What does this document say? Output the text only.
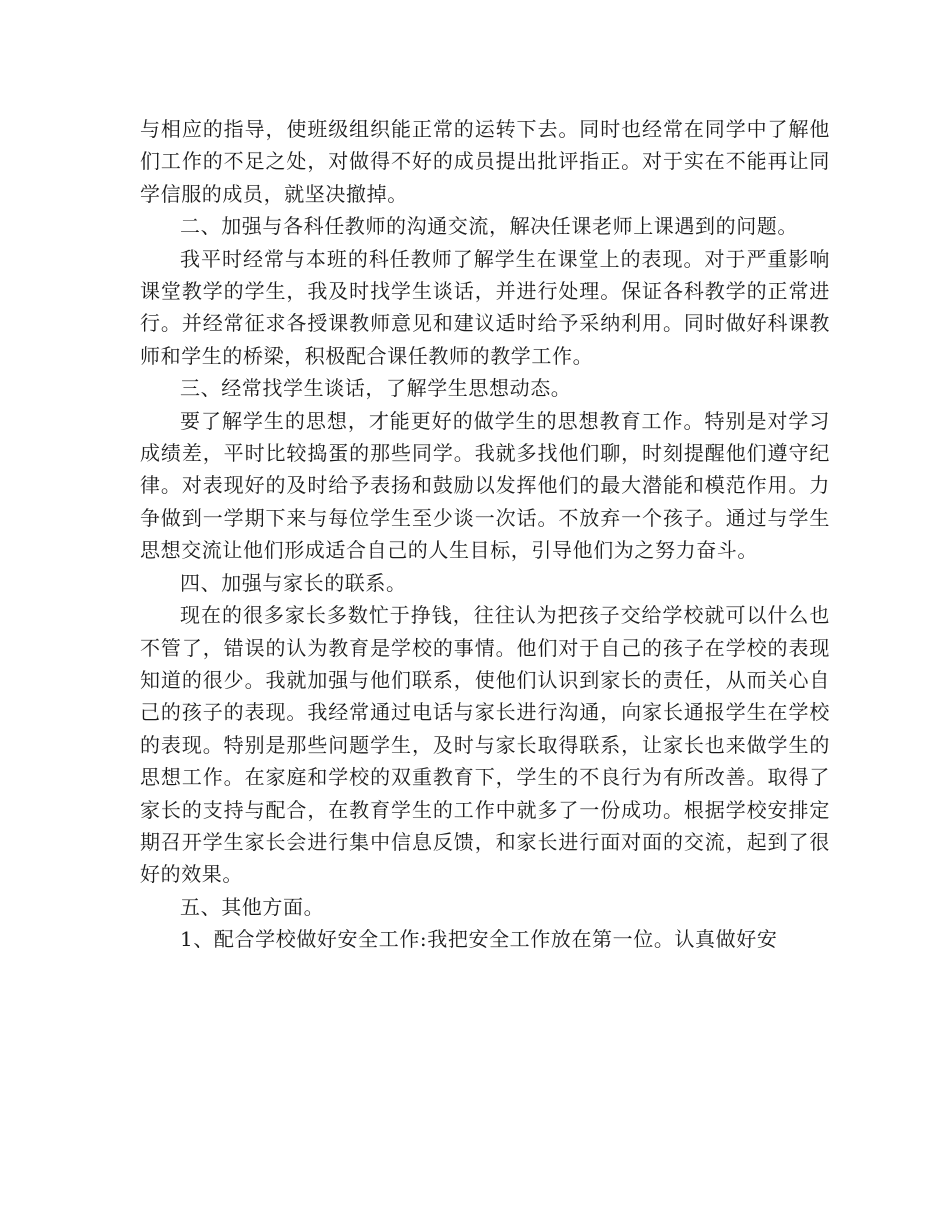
与相应的指导，使班级组织能正常的运转下去。同时也经常在同学中了解他们工作的不足之处，对做得不好的成员提出批评指正。对于实在不能再让同学信服的成员，就坚决撤掉。

二、加强与各科任教师的沟通交流，解决任课老师上课遇到的问题。

我平时经常与本班的科任教师了解学生在课堂上的表现。对于严重影响课堂教学的学生，我及时找学生谈话，并进行处理。保证各科教学的正常进行。并经常征求各授课教师意见和建议适时给予采纳利用。同时做好科课教师和学生的桥梁，积极配合课任教师的教学工作。

三、经常找学生谈话，了解学生思想动态。

要了解学生的思想，才能更好的做学生的思想教育工作。特别是对学习成绩差，平时比较捣蛋的那些同学。我就多找他们聊，时刻提醒他们遵守纪律。对表现好的及时给予表扬和鼓励以发挥他们的最大潜能和模范作用。力争做到一学期下来与每位学生至少谈一次话。不放弃一个孩子。通过与学生思想交流让他们形成适合自己的人生目标，引导他们为之努力奋斗。

四、加强与家长的联系。

现在的很多家长多数忙于挣钱，往往认为把孩子交给学校就可以什么也不管了，错误的认为教育是学校的事情。他们对于自己的孩子在学校的表现知道的很少。我就加强与他们联系，使他们认识到家长的责任，从而关心自己的孩子的表现。我经常通过电话与家长进行沟通，向家长通报学生在学校的表现。特别是那些问题学生，及时与家长取得联系，让家长也来做学生的思想工作。在家庭和学校的双重教育下，学生的不良行为有所改善。取得了家长的支持与配合，在教育学生的工作中就多了一份成功。根据学校安排定期召开学生家长会进行集中信息反馈，和家长进行面对面的交流，起到了很好的效果。

五、其他方面。

1、配合学校做好安全工作:我把安全工作放在第一位。认真做好安
